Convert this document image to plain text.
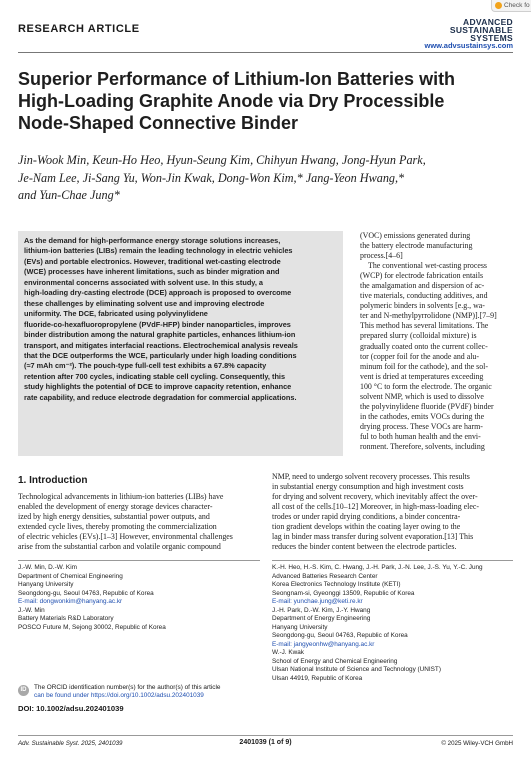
Check fo
RESEARCH ARTICLE
ADVANCED
SUSTAINABLE
SYSTEMS
www.advsustainsys.com
Superior Performance of Lithium-Ion Batteries with
High-Loading Graphite Anode via Dry Processible
Node-Shaped Connective Binder
Jin-Wook Min, Keun-Ho Heo, Hyun-Seung Kim, Chihyun Hwang, Jong-Hyun Park,
Je-Nam Lee, Ji-Sang Yu, Won-Jin Kwak, Dong-Won Kim,* Jang-Yeon Hwang,*
and Yun-Chae Jung*
As the demand for high-performance energy storage solutions increases,
lithium-ion batteries (LIBs) remain the leading technology in electric vehicles
(EVs) and portable electronics. However, traditional wet-casting electrode
(WCE) processes have inherent limitations, such as binder migration and
environmental concerns associated with solvent use. In this study, a
high-loading dry-casting electrode (DCE) approach is proposed to overcome
these challenges by eliminating solvent use and improving electrode
uniformity. The DCE, fabricated using polyvinylidene
fluoride-co-hexafluoropropylene (PVdF-HFP) binder nanoparticles, improves
binder distribution among the natural graphite particles, enhances lithium-ion
transport, and mitigates interfacial reactions. Electrochemical analysis reveals
that the DCE outperforms the WCE, particularly under high loading conditions
(≈7 mAh cm⁻²). The pouch-type full-cell test exhibits a 67.8% capacity
retention after 700 cycles, indicating stable cell cycling. Consequently, this
study highlights the potential of DCE to improve capacity retention, enhance
rate capability, and reduce electrode degradation for commercial applications.
(VOC) emissions generated during
the battery electrode manufacturing
process.[4–6]
The conventional wet-casting process
(WCP) for electrode fabrication entails
the amalgamation and dispersion of ac-
tive materials, conducting additives, and
polymeric binders in solvents [e.g., wa-
ter and N-methylpyrrolidone (NMP)].[7–9]
This method has several limitations. The
prepared slurry (colloidal mixture) is
gradually coated onto the current collec-
tor (copper foil for the anode and alu-
minum foil for the cathode), and the sol-
vent is dried at temperatures exceeding
100 °C to form the electrode. The organic
solvent NMP, which is used to dissolve
the polyvinylidene fluoride (PVdF) binder
in the cathodes, emits VOCs during the
drying process. These VOCs are harm-
ful to both human health and the envi-
ronment. Therefore, solvents, including
1. Introduction
Technological advancements in lithium-ion batteries (LIBs) have
enabled the development of energy storage devices character-
ized by high energy densities, substantial power outputs, and
extended cycle lives, thereby promoting the commercialization
of electric vehicles (EVs).[1–3] However, environmental challenges
arise from the substantial carbon and volatile organic compound
NMP, need to undergo solvent recovery processes. This results
in substantial energy consumption and high investment costs
for drying and solvent recovery, which inevitably affect the over-
all cost of the cells.[10–12] Moreover, in high-mass-loading elec-
trodes or under rapid drying conditions, a binder concentra-
tion gradient develops within the coating layer owing to the
lag in binder mass transfer during solvent evaporation.[13] This
reduces the binder content between the electrode particles.
J.-W. Min, D.-W. Kim
Department of Chemical Engineering
Hanyang University
Seongdong-gu, Seoul 04763, Republic of Korea
E-mail: dongwonkim@hanyang.ac.kr
J.-W. Min
Battery Materials R&D Laboratory
POSCO Future M, Sejong 30002, Republic of Korea
K.-H. Heo, H.-S. Kim, C. Hwang, J.-H. Park, J.-N. Lee, J.-S. Yu, Y.-C. Jung
Advanced Batteries Research Center
Korea Electronics Technology Institute (KETI)
Seongnam-si, Gyeonggi 13509, Republic of Korea
E-mail: yunchae.jung@keti.re.kr
J.-H. Park, D.-W. Kim, J.-Y. Hwang
Department of Energy Engineering
Hanyang University
Seongdong-gu, Seoul 04763, Republic of Korea
E-mail: jangyeonhw@hanyang.ac.kr
W.-J. Kwak
School of Energy and Chemical Engineering
Ulsan National Institute of Science and Technology (UNIST)
Ulsan 44919, Republic of Korea
ID	The ORCID identification number(s) for the author(s) of this article
can be found under https://doi.org/10.1002/adsu.202401039
DOI: 10.1002/adsu.202401039
Adv. Sustainable Syst. 2025, 2401039	2401039 (1 of 9)	© 2025 Wiley-VCH GmbH
